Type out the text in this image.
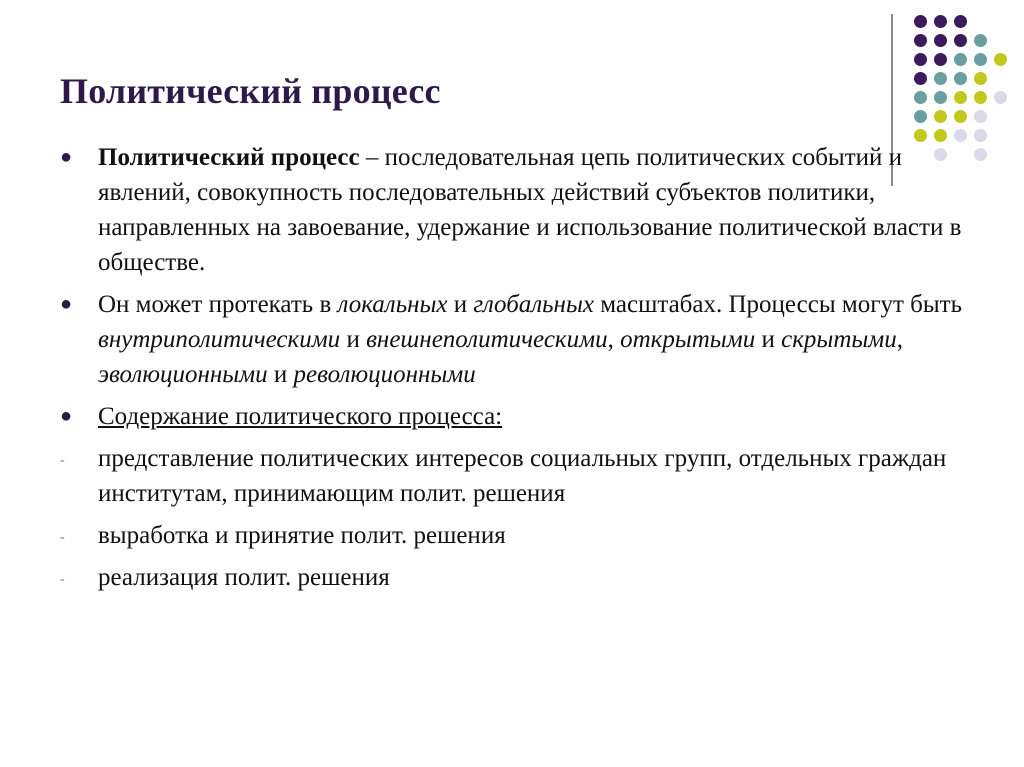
Политический процесс
●	Политический процесс – последовательная цепь политических событий и явлений, совокупность последовательных действий субъектов политики, направленных на завоевание, удержание и использование политической власти в обществе.
●	Он может протекать в локальных и глобальных масштабах. Процессы могут быть внутриполитическими и внешнеполитическими, открытыми и скрытыми, эволюционными и революционными
●	Содержание политического процесса:
-	представление политических интересов социальных групп, отдельных граждан институтам, принимающим полит. решения
-	выработка и принятие полит. решения
-	реализация полит. решения
